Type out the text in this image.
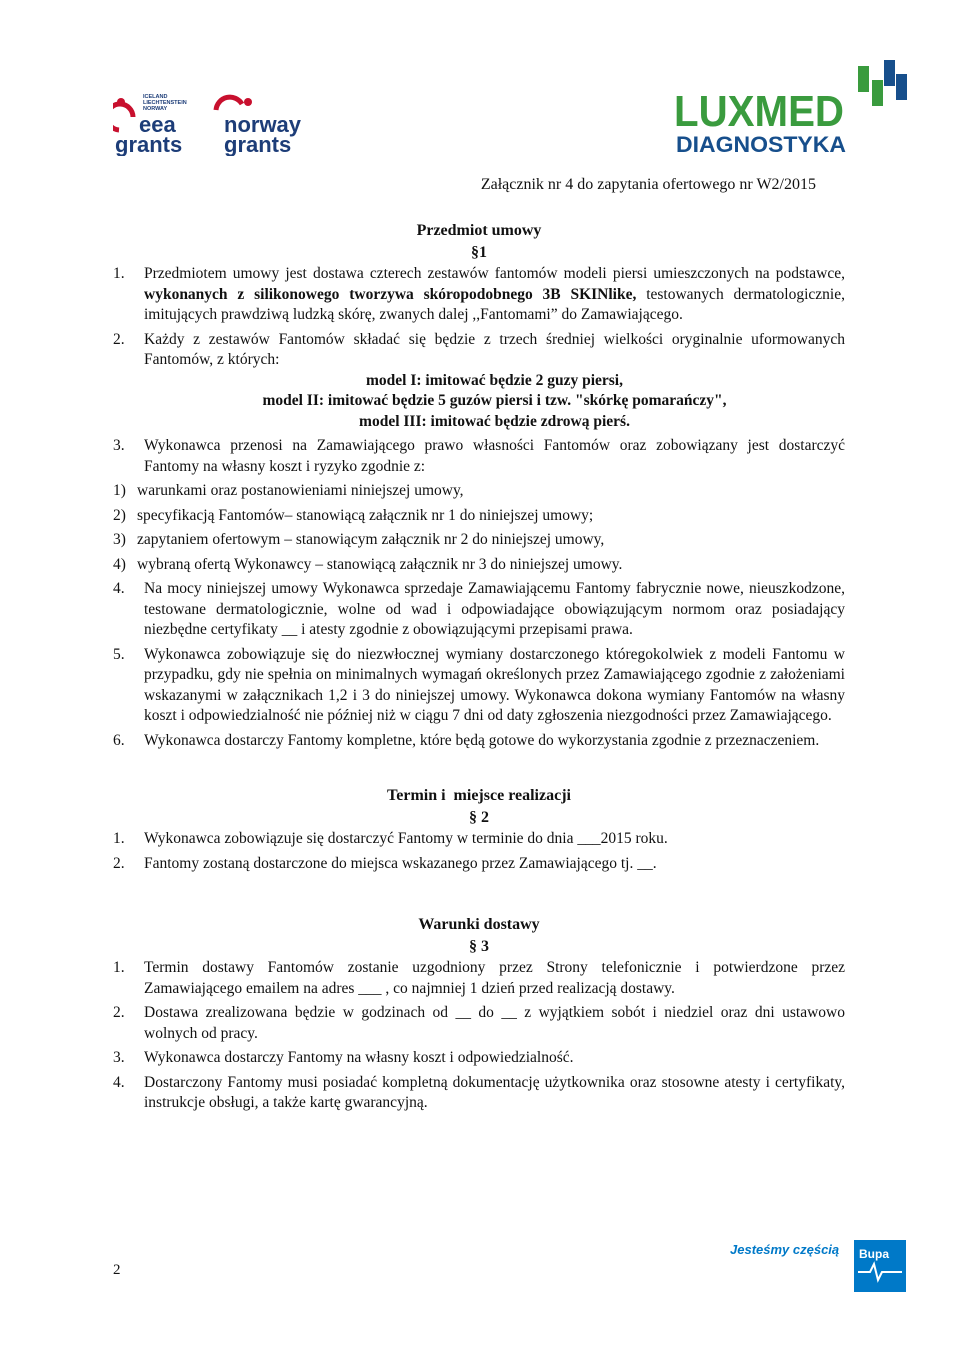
ICELAND
LIECHTENSTEIN
NORWAY
eea
grants
norway
grants
LUXMED
DIAGNOSTYKA
Załącznik nr 4 do zapytania ofertowego nr W2/2015
Przedmiot umowy
§1
1. Przedmiotem umowy jest dostawa czterech zestawów fantomów modeli piersi umieszczonych na podstawce, wykonanych z silikonowego tworzywa skóropodobnego 3B SKINlike, testowanych dermatologicznie, imitujących prawdziwą ludzką skórę, zwanych dalej ,,Fantomami” do Zamawiającego.
2. Każdy z zestawów Fantomów składać się będzie z trzech średniej wielkości oryginalnie uformowanych Fantomów, z których:
model I: imitować będzie 2 guzy piersi,
model II: imitować będzie 5 guzów piersi i tzw. "skórkę pomarańczy",
model III: imitować będzie zdrową pierś.
3. Wykonawca przenosi na Zamawiającego prawo własności Fantomów oraz zobowiązany jest dostarczyć Fantomy na własny koszt i ryzyko zgodnie z:
1) warunkami oraz postanowieniami niniejszej umowy,
2) specyfikacją Fantomów– stanowiącą załącznik nr 1 do niniejszej umowy;
3) zapytaniem ofertowym – stanowiącym załącznik nr 2 do niniejszej umowy,
4) wybraną ofertą Wykonawcy – stanowiącą załącznik nr 3 do niniejszej umowy.
4. Na mocy niniejszej umowy Wykonawca sprzedaje Zamawiającemu Fantomy fabrycznie nowe, nieuszkodzone, testowane dermatologicznie, wolne od wad i odpowiadające obowiązującym normom oraz posiadający niezbędne certyfikaty __ i atesty zgodnie z obowiązującymi przepisami prawa.
5. Wykonawca zobowiązuje się do niezwłocznej wymiany dostarczonego któregokolwiek z modeli Fantomu w przypadku, gdy nie spełnia on minimalnych wymagań określonych przez Zamawiającego zgodnie z założeniami wskazanymi w załącznikach 1,2 i 3 do niniejszej umowy. Wykonawca dokona wymiany Fantomów na własny koszt i odpowiedzialność nie później niż w ciągu 7 dni od daty zgłoszenia niezgodności przez Zamawiającego.
6. Wykonawca dostarczy Fantomy kompletne, które będą gotowe do wykorzystania zgodnie z przeznaczeniem.
Termin i  miejsce realizacji
§ 2
1. Wykonawca zobowiązuje się dostarczyć Fantomy w terminie do dnia ___2015 roku.
2. Fantomy zostaną dostarczone do miejsca wskazanego przez Zamawiającego tj. __.
Warunki dostawy
§ 3
1. Termin dostawy Fantomów zostanie uzgodniony przez Strony telefonicznie i potwierdzone przez Zamawiającego emailem na adres ___ , co najmniej 1 dzień przed realizacją dostawy.
2. Dostawa zrealizowana będzie w godzinach od __ do __ z wyjątkiem sobót i niedziel oraz dni ustawowo wolnych od pracy.
3. Wykonawca dostarczy Fantomy na własny koszt i odpowiedzialność.
4. Dostarczony Fantomy musi posiadać kompletną dokumentację użytkownika oraz stosowne atesty i certyfikaty, instrukcje obsługi, a także kartę gwarancyjną.
2
Jesteśmy częścią Bupa
